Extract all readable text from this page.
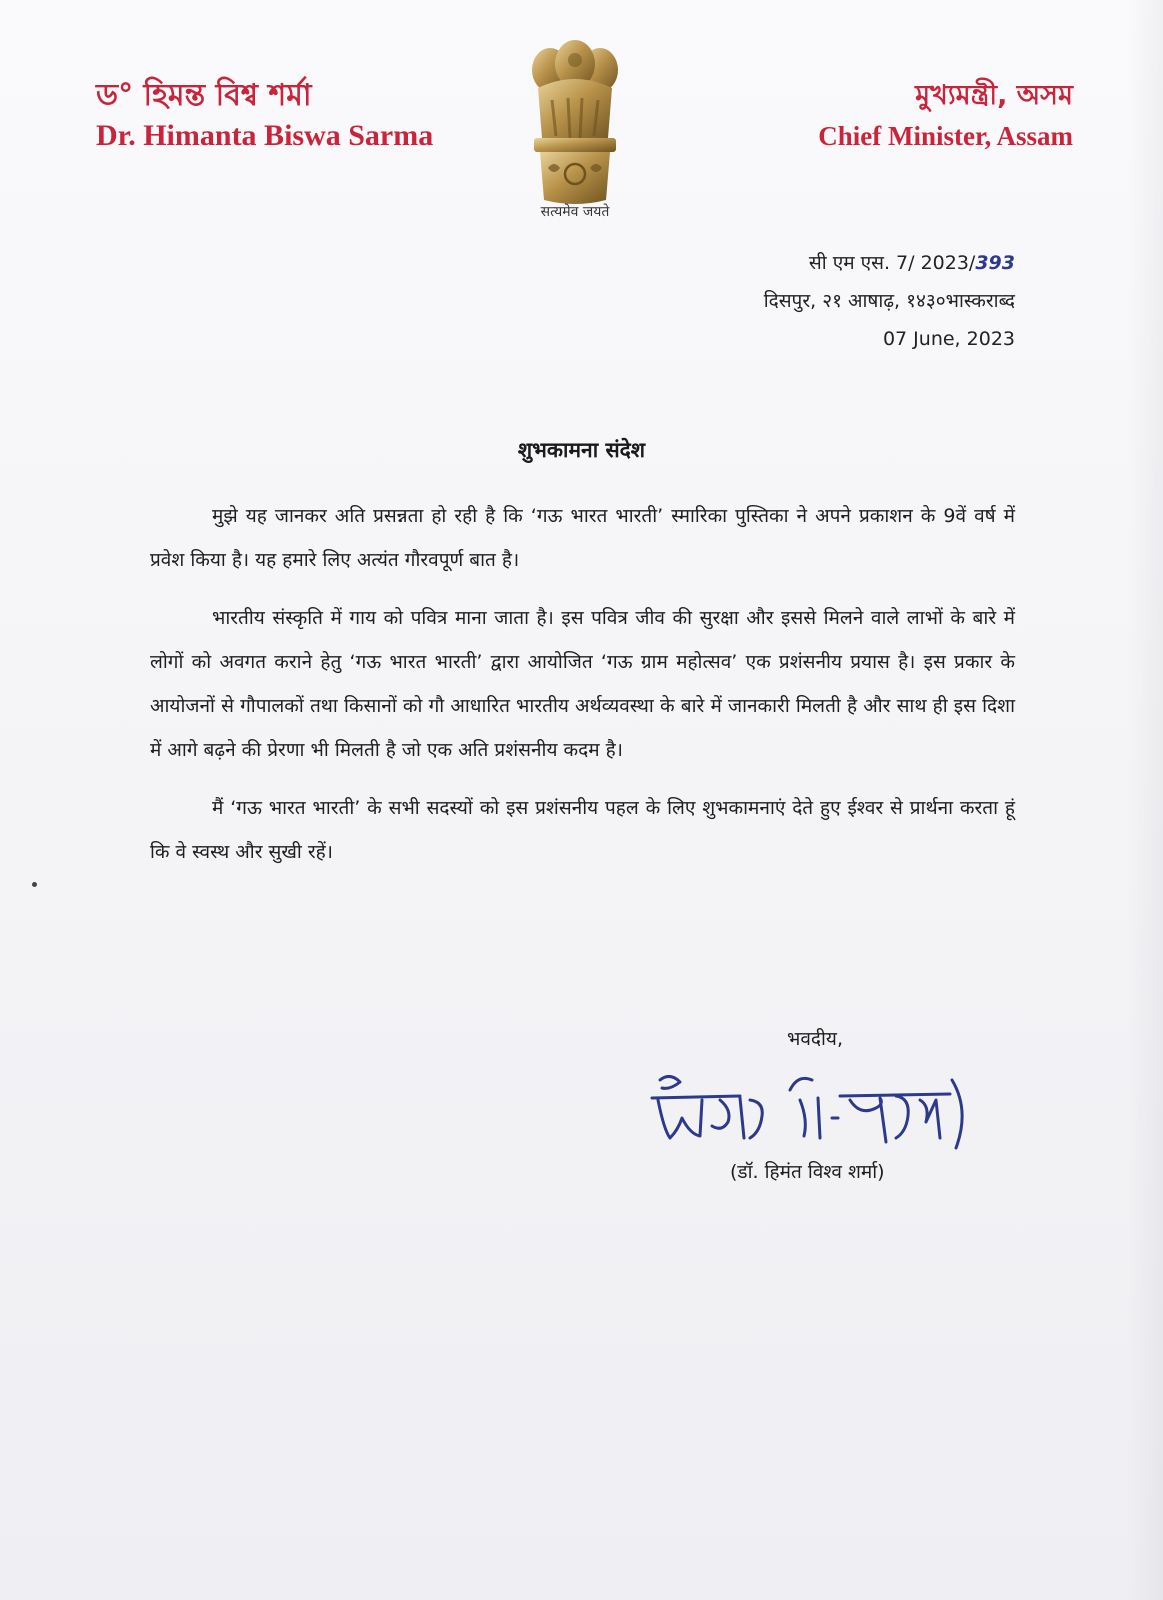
ড° হিমন্ত বিশ্ব শৰ্মা
Dr. Himanta Biswa Sarma
सत्यमेव जयते
মুখ্যমন্ত্ৰী, অসম
Chief Minister, Assam
सी एम एस. 7/ 2023/393
दिसपुर, २१ आषाढ़, १४३०भास्कराब्द
07 June, 2023
शुभकामना संदेश

मुझे यह जानकर अति प्रसन्नता हो रही है कि ‘गऊ भारत भारती’ स्मारिका पुस्तिका ने अपने प्रकाशन के 9वें वर्ष में प्रवेश किया है। यह हमारे लिए अत्यंत गौरवपूर्ण बात है।

भारतीय संस्कृति में गाय को पवित्र माना जाता है। इस पवित्र जीव की सुरक्षा और इससे मिलने वाले लाभों के बारे में लोगों को अवगत कराने हेतु ‘गऊ भारत भारती’ द्वारा आयोजित ‘गऊ ग्राम महोत्सव’ एक प्रशंसनीय प्रयास है। इस प्रकार के आयोजनों से गौपालकों तथा किसानों को गौ आधारित भारतीय अर्थव्यवस्था के बारे में जानकारी मिलती है और साथ ही इस दिशा में आगे बढ़ने की प्रेरणा भी मिलती है जो एक अति प्रशंसनीय कदम है।

मैं ‘गऊ भारत भारती’ के सभी सदस्यों को इस प्रशंसनीय पहल के लिए शुभकामनाएं देते हुए ईश्वर से प्रार्थना करता हूं कि वे स्वस्थ और सुखी रहें।

भवदीय,
(डॉ. हिमंत विश्व शर्मा)
